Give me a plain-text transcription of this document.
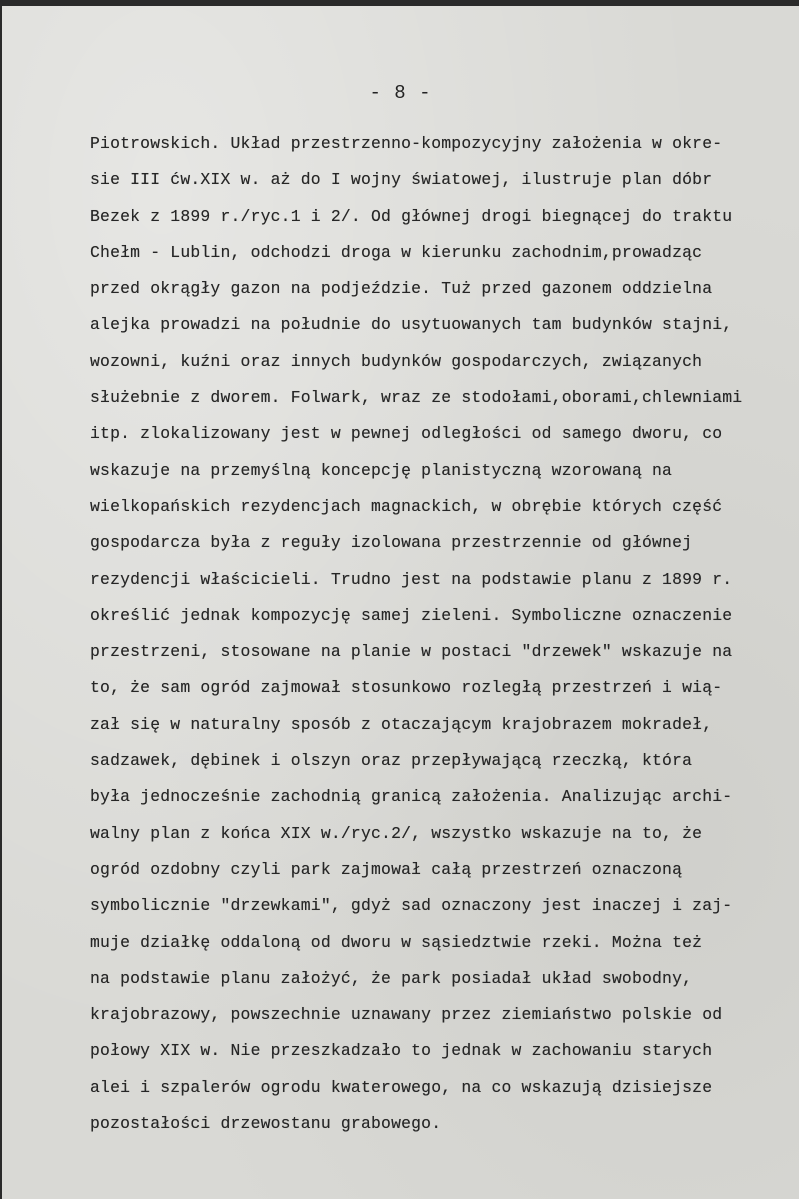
- 8 -
Piotrowskich. Układ przestrzenno-kompozycyjny założenia w okre-
sie III ćw.XIX w. aż do I wojny światowej, ilustruje plan dóbr
Bezek z 1899 r./ryc.1 i 2/. Od głównej drogi biegnącej do traktu
Chełm - Lublin, odchodzi droga w kierunku zachodnim,prowadząc
przed okrągły gazon na podjeździe. Tuż przed gazonem oddzielna
alejka prowadzi na południe do usytuowanych tam budynków stajni,
wozowni, kuźni oraz innych budynków gospodarczych, związanych
służebnie z dworem. Folwark, wraz ze stodołami,oborami,chlewniami
itp. zlokalizowany jest w pewnej odległości od samego dworu, co
wskazuje na przemyślną koncepcję planistyczną wzorowaną na
wielkopańskich rezydencjach magnackich, w obrębie których część
gospodarcza była z reguły izolowana przestrzennie od głównej
rezydencji właścicieli. Trudno jest na podstawie planu z 1899 r.
określić jednak kompozycję samej zieleni. Symboliczne oznaczenie
przestrzeni, stosowane na planie w postaci "drzewek" wskazuje na
to, że sam ogród zajmował stosunkowo rozległą przestrzeń i wią-
zał się w naturalny sposób z otaczającym krajobrazem mokradeł,
sadzawek, dębinek i olszyn oraz przepływającą rzeczką, która
była jednocześnie zachodnią granicą założenia. Analizując archi-
walny plan z końca XIX w./ryc.2/, wszystko wskazuje na to, że
ogród ozdobny czyli park zajmował całą przestrzeń oznaczoną
symbolicznie "drzewkami", gdyż sad oznaczony jest inaczej i zaj-
muje działkę oddaloną od dworu w sąsiedztwie rzeki. Można też
na podstawie planu założyć, że park posiadał układ swobodny,
krajobrazowy, powszechnie uznawany przez ziemiaństwo polskie od
połowy XIX w. Nie przeszkadzało to jednak w zachowaniu starych
alei i szpalerów ogrodu kwaterowego, na co wskazują dzisiejsze
pozostałości drzewostanu grabowego.
